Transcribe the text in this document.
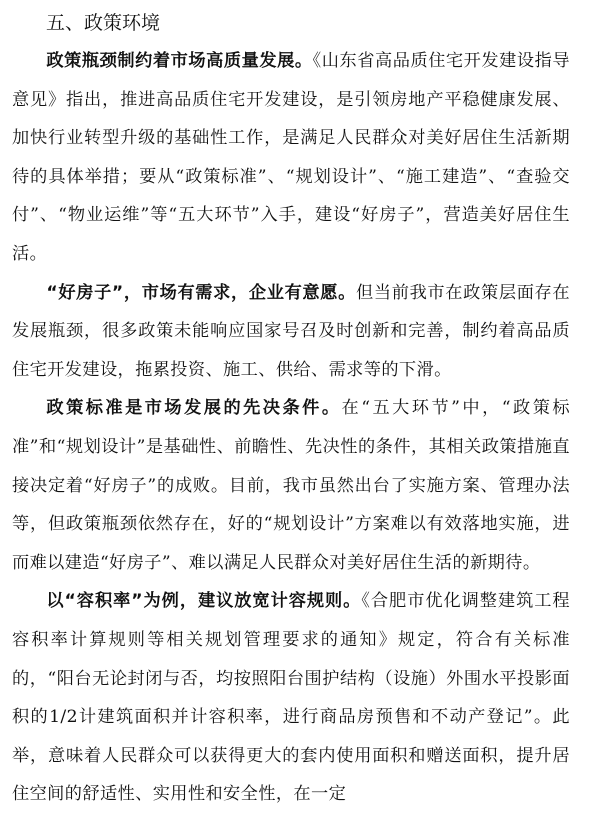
五、政策环境

政策瓶颈制约着市场高质量发展。《山东省高品质住宅开发建设指导意见》指出，推进高品质住宅开发建设，是引领房地产平稳健康发展、加快行业转型升级的基础性工作，是满足人民群众对美好居住生活新期待的具体举措；要从“政策标准”、“规划设计”、“施工建造”、“查验交付”、“物业运维”等“五大环节”入手，建设“好房子”，营造美好居住生活。

“好房子”，市场有需求，企业有意愿。但当前我市在政策层面存在发展瓶颈，很多政策未能响应国家号召及时创新和完善，制约着高品质住宅开发建设，拖累投资、施工、供给、需求等的下滑。

政策标准是市场发展的先决条件。在“五大环节”中，“政策标准”和“规划设计”是基础性、前瞻性、先决性的条件，其相关政策措施直接决定着“好房子”的成败。目前，我市虽然出台了实施方案、管理办法等，但政策瓶颈依然存在，好的“规划设计”方案难以有效落地实施，进而难以建造“好房子”、难以满足人民群众对美好居住生活的新期待。

以“容积率”为例，建议放宽计容规则。《合肥市优化调整建筑工程容积率计算规则等相关规划管理要求的通知》规定，符合有关标准的，“阳台无论封闭与否，均按照阳台围护结构（设施）外围水平投影面积的1/2计建筑面积并计容积率，进行商品房预售和不动产登记”。此举，意味着人民群众可以获得更大的套内使用面积和赠送面积，提升居住空间的舒适性、实用性和安全性，在一定
